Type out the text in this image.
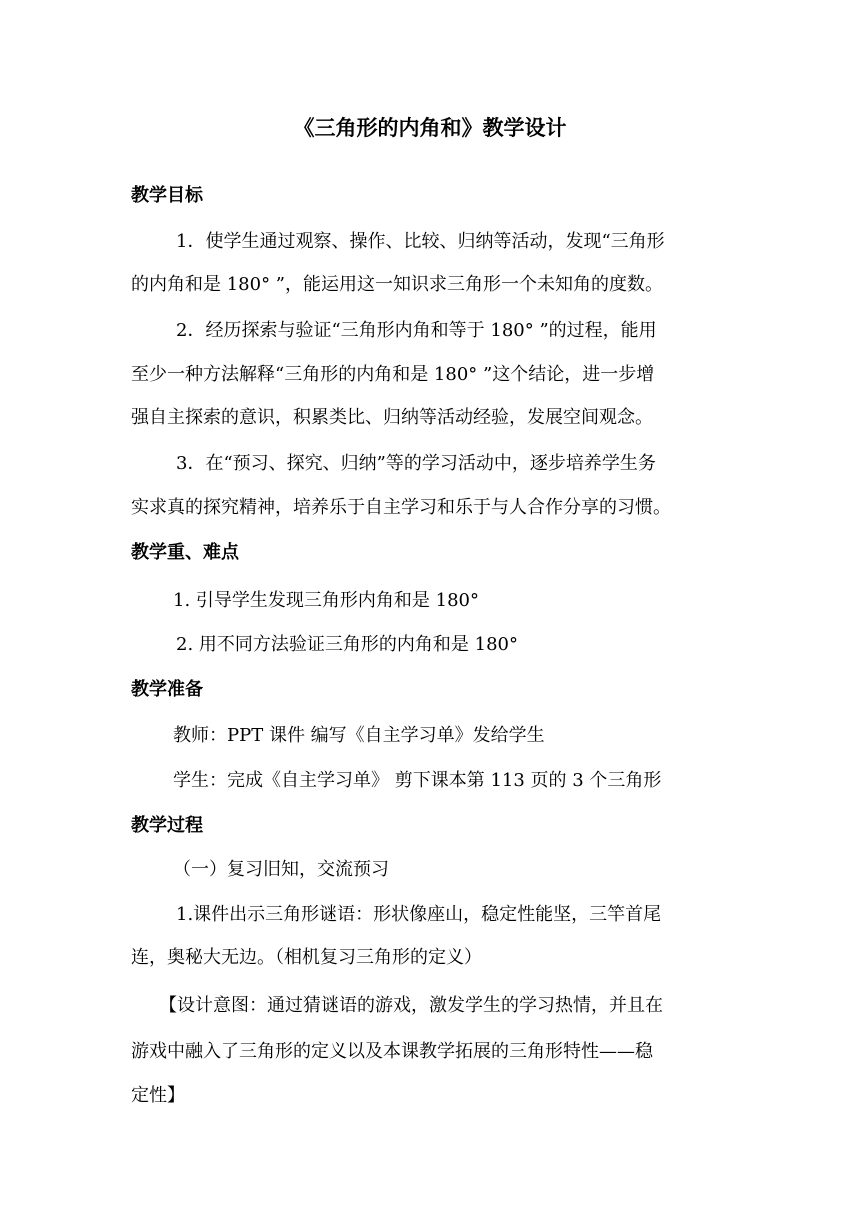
《三角形的内角和》教学设计
教学目标
1．使学生通过观察、操作、比较、归纳等活动，发现“三角形
的内角和是 180° ”，能运用这一知识求三角形一个未知角的度数。
2．经历探索与验证“三角形内角和等于 180° ”的过程，能用
至少一种方法解释“三角形的内角和是 180° ”这个结论，进一步增
强自主探索的意识，积累类比、归纳等活动经验，发展空间观念。
3．在“预习、探究、归纳”等的学习活动中，逐步培养学生务
实求真的探究精神，培养乐于自主学习和乐于与人合作分享的习惯。
教学重、难点
1. 引导学生发现三角形内角和是 180°
2. 用不同方法验证三角形的内角和是 180°
教学准备
教师：PPT 课件 编写《自主学习单》发给学生
学生：完成《自主学习单》 剪下课本第 113 页的 3 个三角形
教学过程
（一）复习旧知，交流预习
1.课件出示三角形谜语：形状像座山，稳定性能坚，三竿首尾
连，奥秘大无边。（相机复习三角形的定义）
【设计意图：通过猜谜语的游戏，激发学生的学习热情，并且在
游戏中融入了三角形的定义以及本课教学拓展的三角形特性——稳
定性】
